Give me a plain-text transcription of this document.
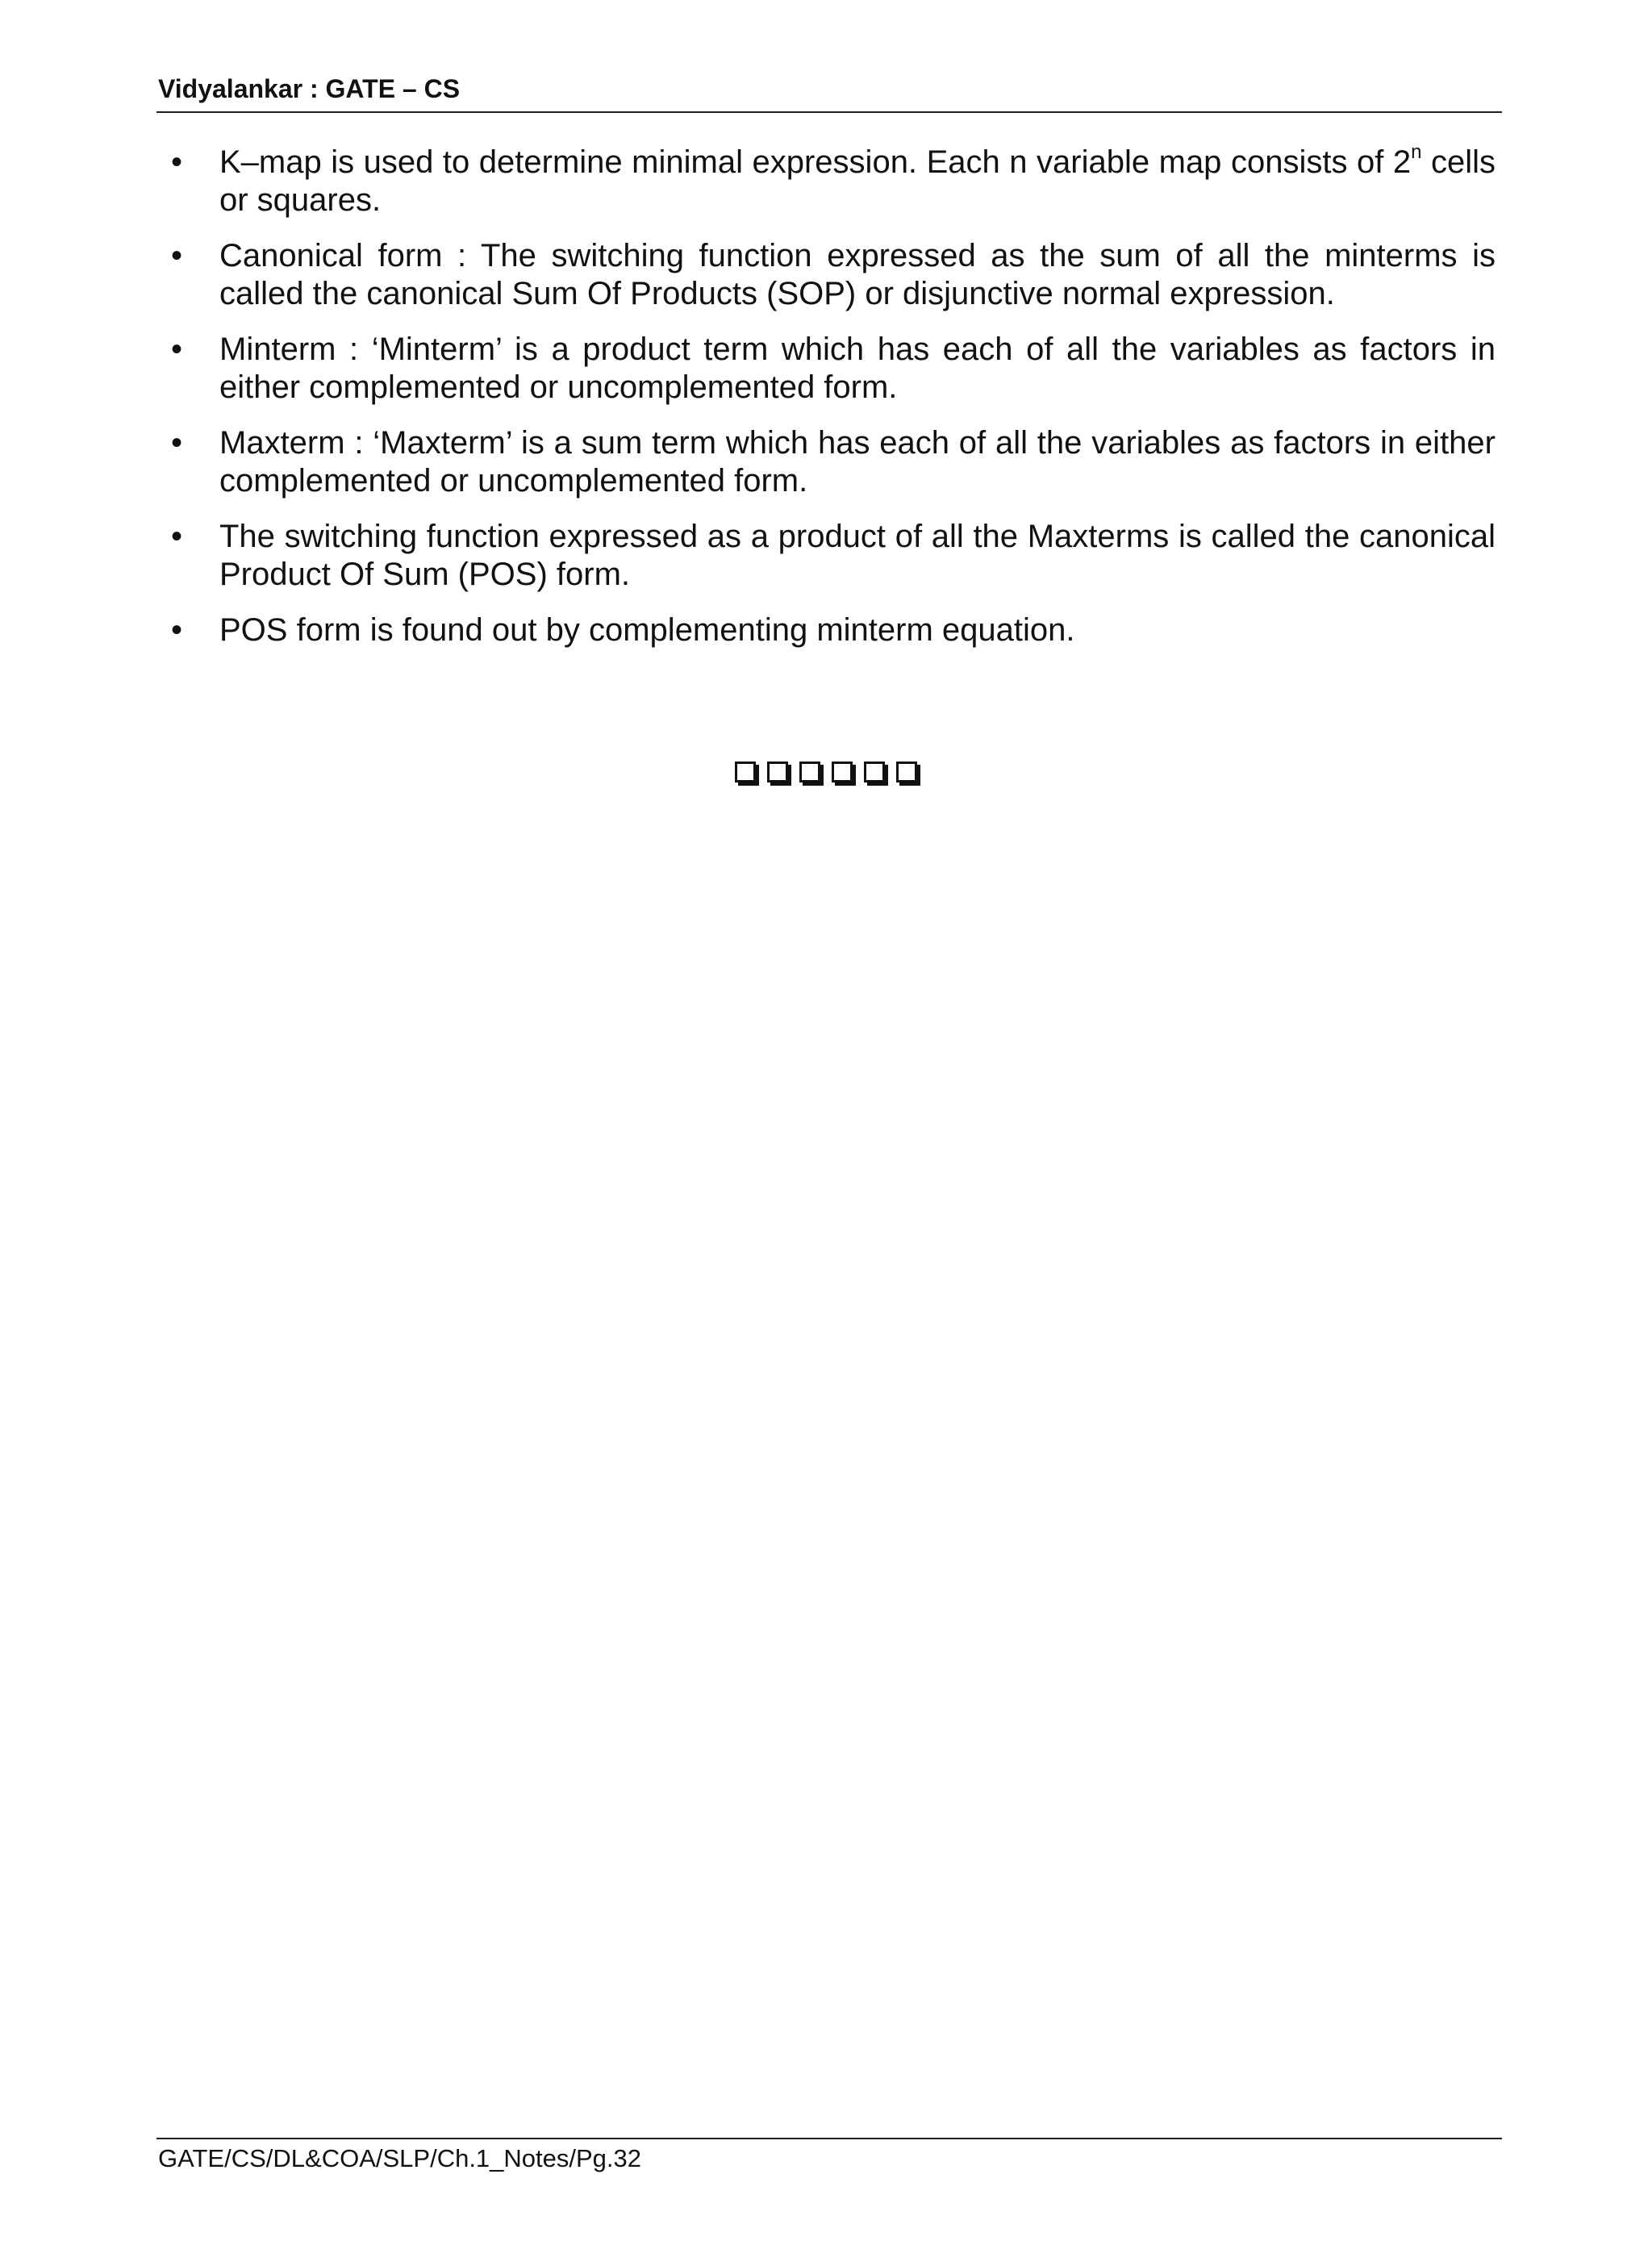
Vidyalankar : GATE – CS
• K–map is used to determine minimal expression. Each n variable map consists of 2$^n$ cells or squares.
• Canonical form : The switching function expressed as the sum of all the minterms is called the canonical Sum Of Products (SOP) or disjunctive normal expression.
• Minterm : ‘Minterm’ is a product term which has each of all the variables as factors in either complemented or uncomplemented form.
• Maxterm : ‘Maxterm’ is a sum term which has each of all the variables as factors in either complemented or uncomplemented form.
• The switching function expressed as a product of all the Maxterms is called the canonical Product Of Sum (POS) form.
• POS form is found out by complementing minterm equation.
GATE/CS/DL&COA/SLP/Ch.1_Notes/Pg.32
